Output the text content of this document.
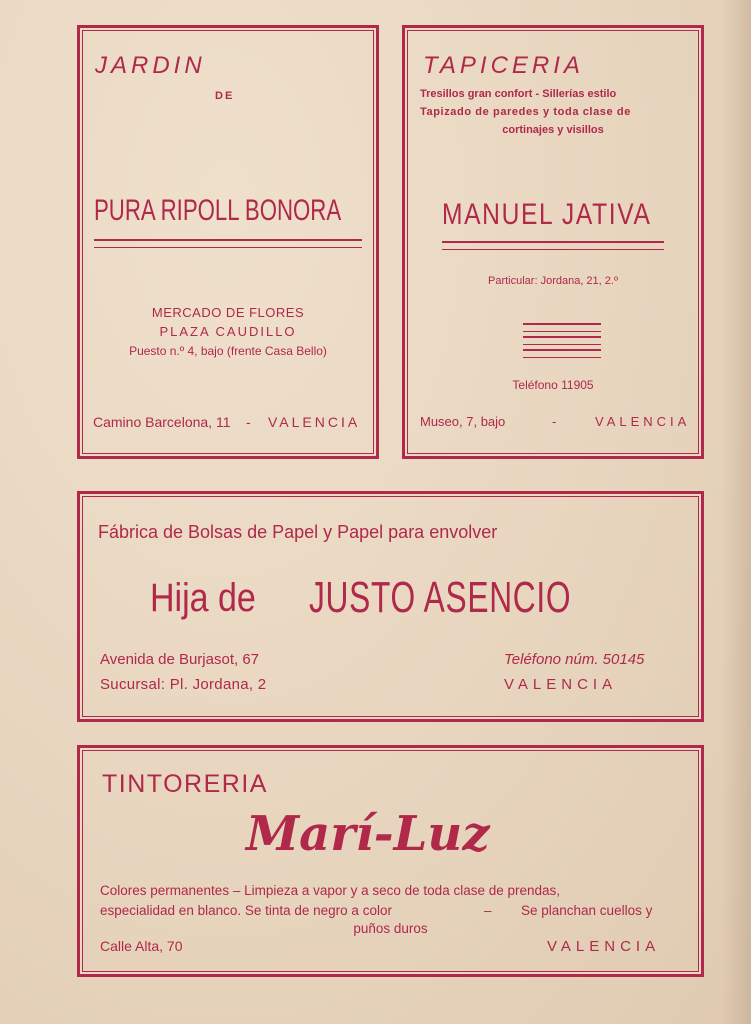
JARDIN

DE

PURA RIPOLL BONORA

MERCADO DE FLORES

PLAZA CAUDILLO

Puesto n.º 4, bajo (frente Casa Bello)

Camino Barcelona, 11 - VALENCIA

TAPICERIA

Tresillos gran confort - Sillerías estilo

Tapizado de paredes y toda clase de

cortinajes y visillos

MANUEL JATIVA

Particular: Jordana, 21, 2.º

Teléfono 11905

Museo, 7, bajo	-	VALENCIA

Fábrica de Bolsas de Papel y Papel para envolver

Hija de JUSTO ASENCIO

Avenida de Burjasot, 67

Sucursal: Pl. Jordana, 2

Teléfono núm. 50145

VALENCIA

TINTORERIA

Marí-Luz

Colores permanentes – Limpieza a vapor y a seco de toda clase de prendas,

especialidad en blanco. Se tinta de negro a color	– Se planchan cuellos y

puños duros

Calle Alta, 70	VALENCIA
